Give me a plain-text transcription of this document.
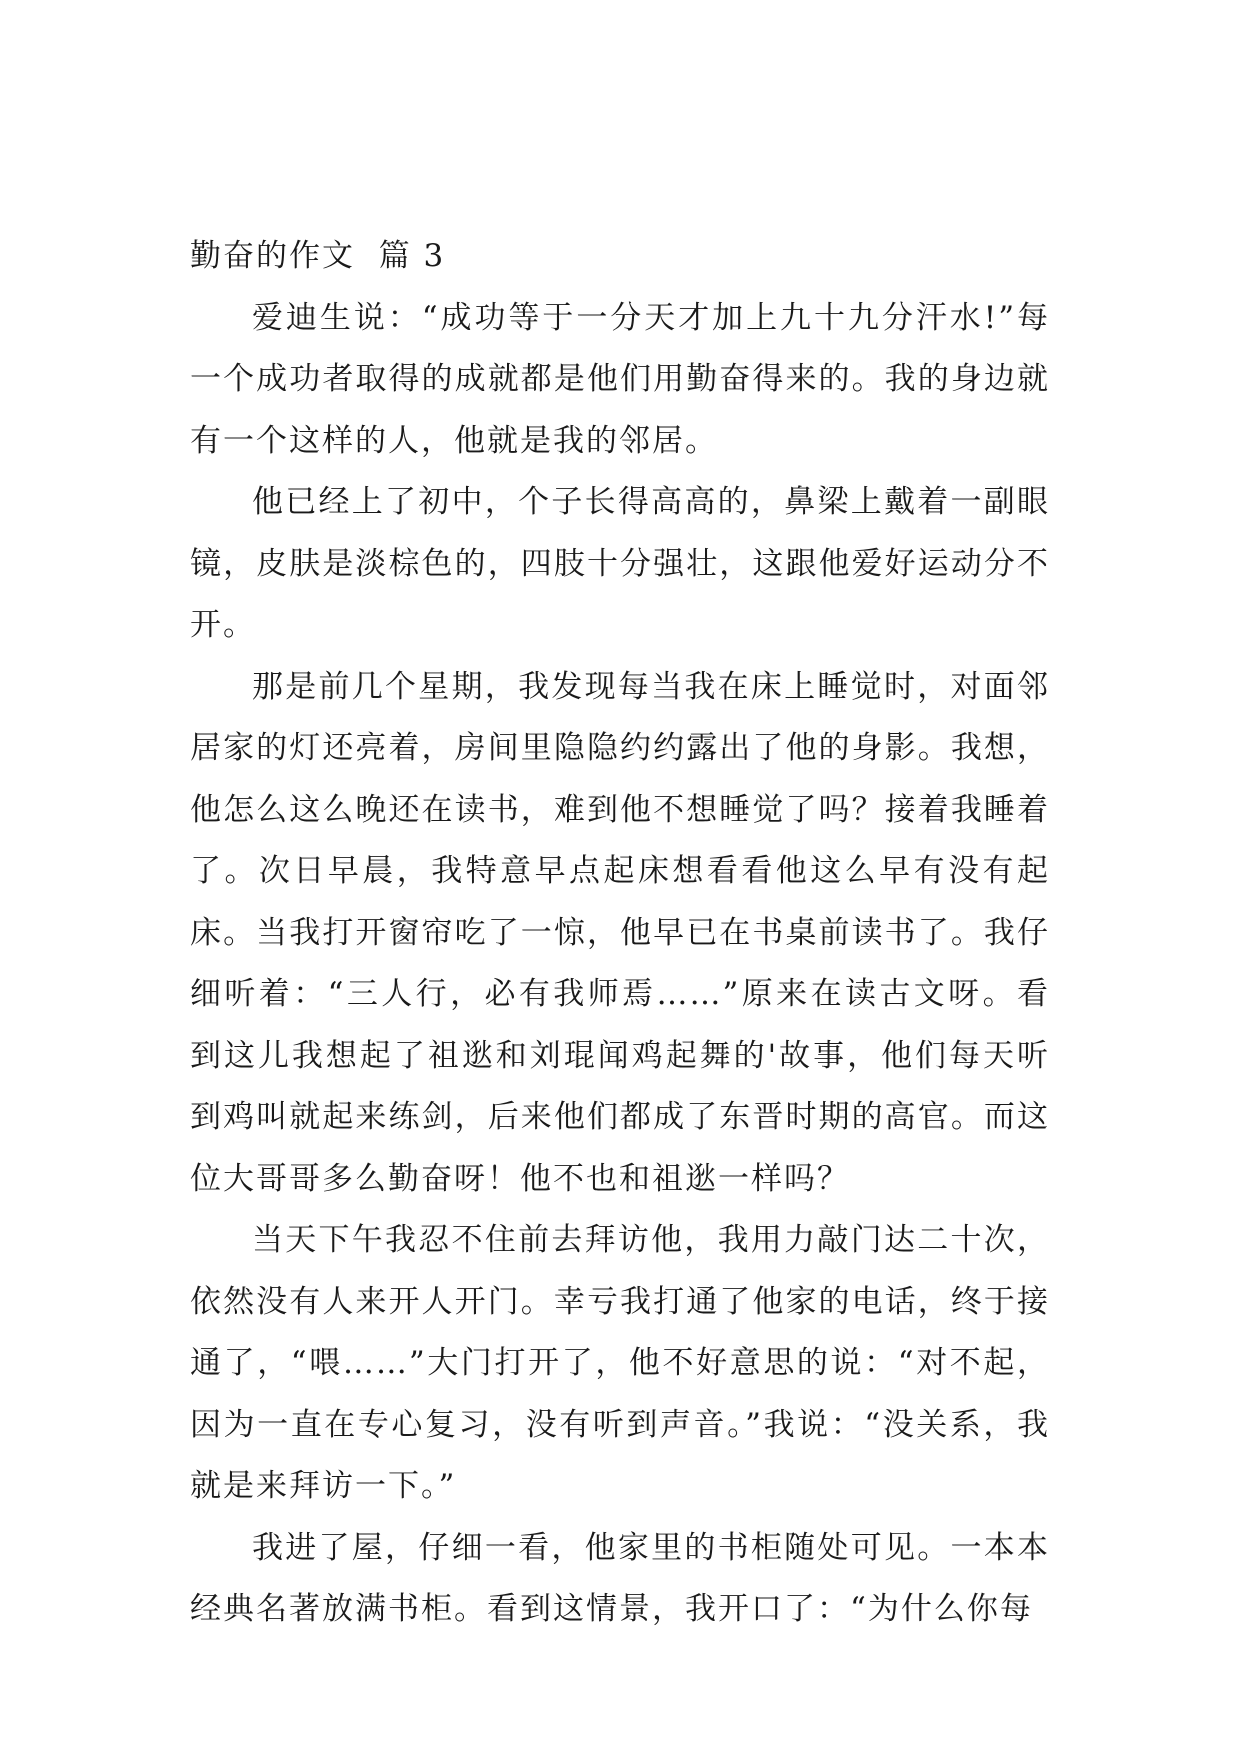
勤奋的作文  篇 3

爱迪生说：“成功等于一分天才加上九十九分汗水!”每一个成功者取得的成就都是他们用勤奋得来的。我的身边就有一个这样的人，他就是我的邻居。

他已经上了初中，个子长得高高的，鼻梁上戴着一副眼镜，皮肤是淡棕色的，四肢十分强壮，这跟他爱好运动分不开。

那是前几个星期，我发现每当我在床上睡觉时，对面邻居家的灯还亮着，房间里隐隐约约露出了他的身影。我想，他怎么这么晚还在读书，难到他不想睡觉了吗？接着我睡着了。次日早晨，我特意早点起床想看看他这么早有没有起床。当我打开窗帘吃了一惊，他早已在书桌前读书了。我仔细听着：“三人行，必有我师焉……”原来在读古文呀。看到这儿我想起了祖逖和刘琨闻鸡起舞的'故事，他们每天听到鸡叫就起来练剑，后来他们都成了东晋时期的高官。而这位大哥哥多么勤奋呀！他不也和祖逖一样吗？

当天下午我忍不住前去拜访他，我用力敲门达二十次，依然没有人来开人开门。幸亏我打通了他家的电话，终于接通了，“喂……”大门打开了，他不好意思的说：“对不起，因为一直在专心复习，没有听到声音。”我说：“没关系，我就是来拜访一下。”

我进了屋，仔细一看，他家里的书柜随处可见。一本本经典名著放满书柜。看到这情景，我开口了：“为什么你每
